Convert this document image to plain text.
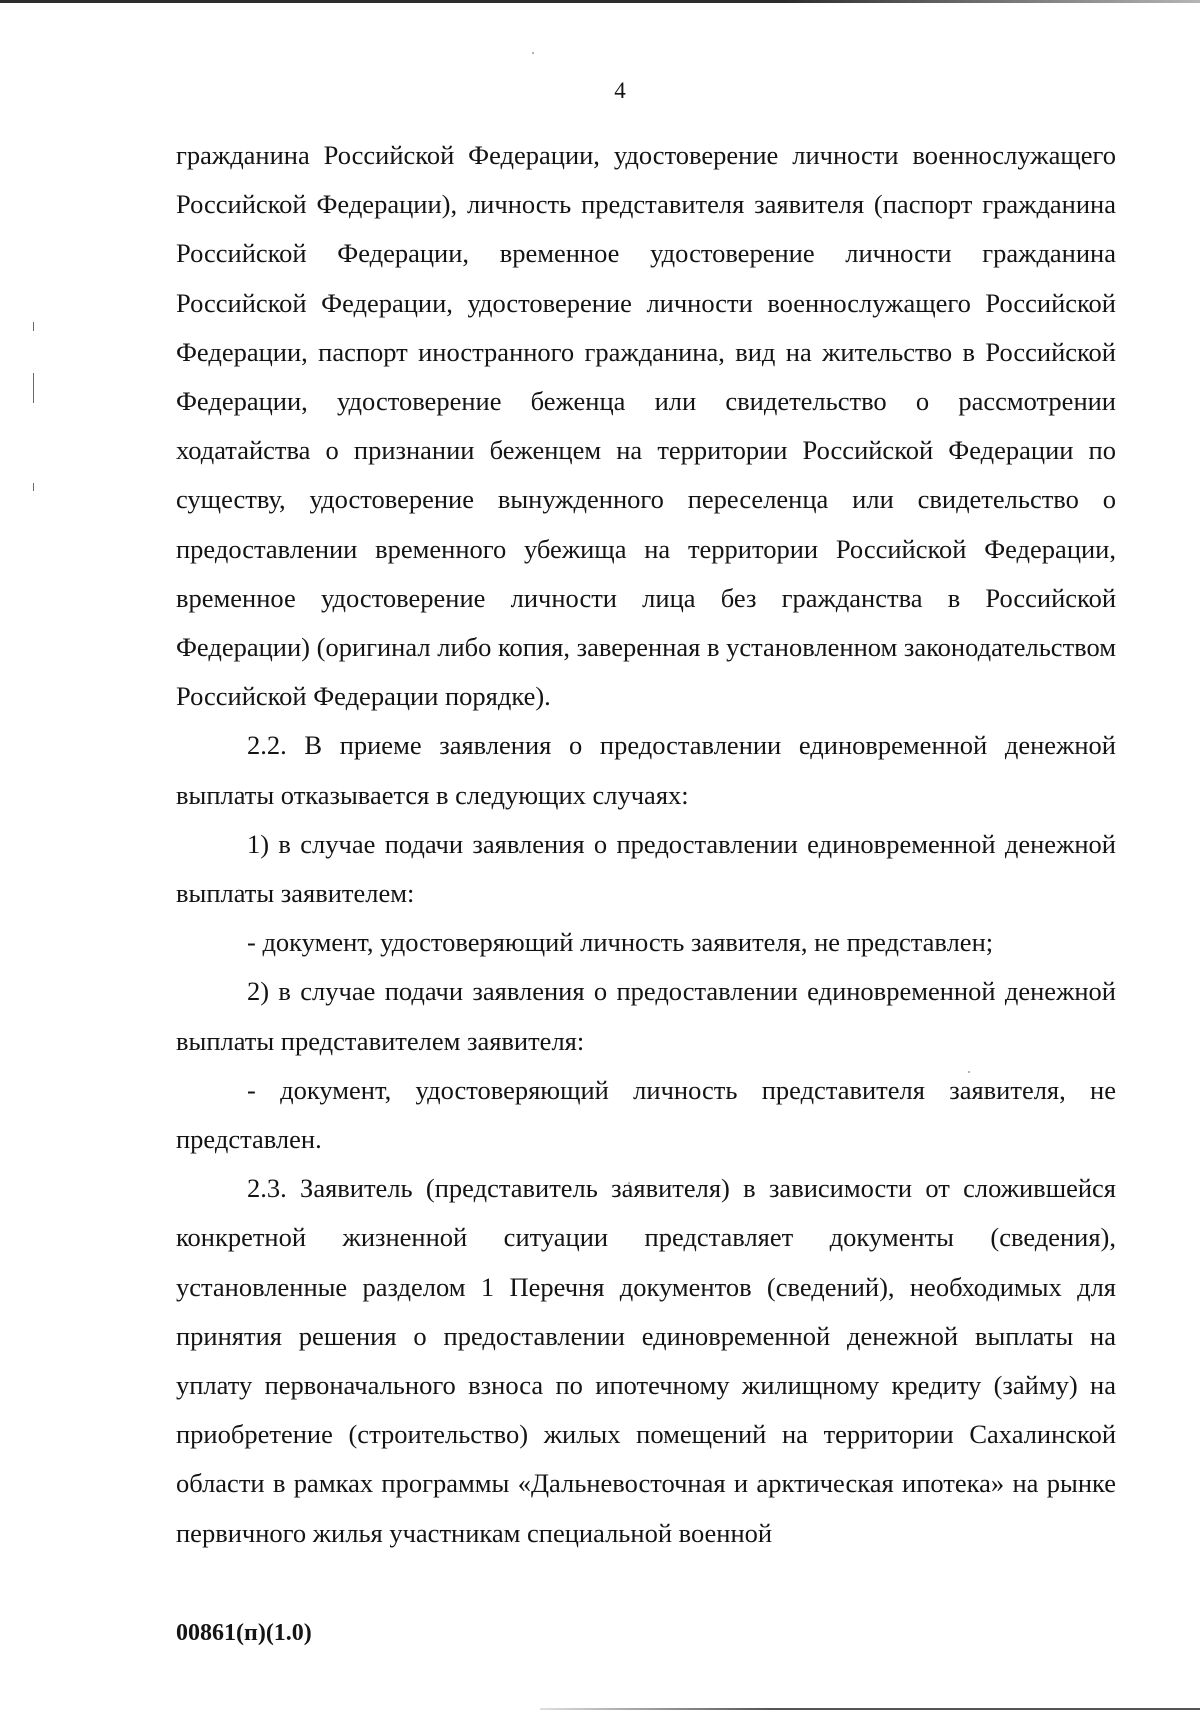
4

гражданина Российской Федерации, удостоверение личности военнослужащего Российской Федерации), личность представителя заявителя (паспорт гражданина Российской Федерации, временное удостоверение личности гражданина Российской Федерации, удостоверение личности военнослужащего Российской Федерации, паспорт иностранного гражданина, вид на жительство в Российской Федерации, удостоверение беженца или свидетельство о рассмотрении ходатайства о признании беженцем на территории Российской Федерации по существу, удостоверение вынужденного переселенца или свидетельство о предоставлении временного убежища на территории Российской Федерации, временное удостоверение личности лица без гражданства в Российской Федерации) (оригинал либо копия, заверенная в установленном законодательством Российской Федерации порядке).

2.2. В приеме заявления о предоставлении единовременной денежной выплаты отказывается в следующих случаях:

1) в случае подачи заявления о предоставлении единовременной денежной выплаты заявителем:

- документ, удостоверяющий личность заявителя, не представлен;

2) в случае подачи заявления о предоставлении единовременной денежной выплаты представителем заявителя:

- документ, удостоверяющий личность представителя заявителя, не представлен.

2.3. Заявитель (представитель заявителя) в зависимости от сложившейся конкретной жизненной ситуации представляет документы (сведения), установленные разделом 1 Перечня документов (сведений), необходимых для принятия решения о предоставлении единовременной денежной выплаты на уплату первоначального взноса по ипотечному жилищному кредиту (займу) на приобретение (строительство) жилых помещений на территории Сахалинской области в рамках программы «Дальневосточная и арктическая ипотека» на рынке первичного жилья участникам специальной военной

00861(п)(1.0)
